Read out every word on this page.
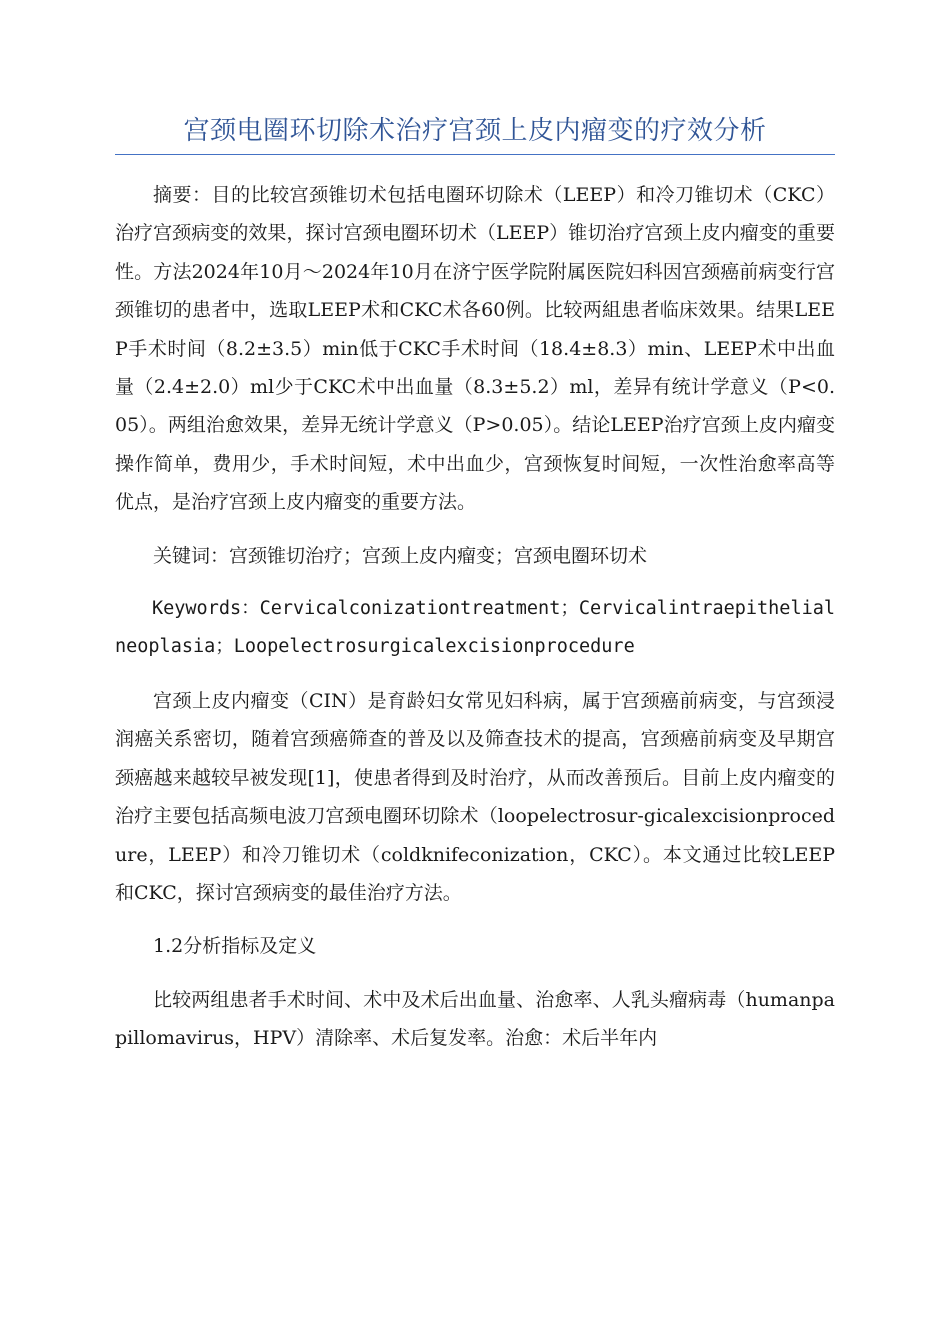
宫颈电圈环切除术治疗宫颈上皮内瘤变的疗效分析

摘要：目的比较宫颈锥切术包括电圈环切除术（LEEP）和冷刀锥切术（CKC）治疗宫颈病变的效果，探讨宫颈电圈环切术（LEEP）锥切治疗宫颈上皮内瘤变的重要性。方法2024年10月～2024年10月在济宁医学院附属医院妇科因宫颈癌前病变行宫颈锥切的患者中，选取LEEP术和CKC术各60例。比较两組患者临床效果。结果LEEP手术时间（8.2±3.5）min低于CKC手术时间（18.4±8.3）min、LEEP术中出血量（2.4±2.0）ml少于CKC术中出血量（8.3±5.2）ml，差异有统计学意义（P<0.05）。两组治愈效果，差异无统计学意义（P>0.05）。结论LEEP治疗宫颈上皮内瘤变操作简单，费用少，手术时间短，术中出血少，宫颈恢复时间短，一次性治愈率高等优点，是治疗宫颈上皮内瘤变的重要方法。

关键词：宫颈锥切治疗；宫颈上皮内瘤变；宫颈电圈环切术

Keywords：Cervicalconizationtreatment；Cervicalintraepithelialneoplasia；Loopelectrosurgicalexcisionprocedure

宫颈上皮内瘤变（CIN）是育龄妇女常见妇科病，属于宫颈癌前病变，与宫颈浸润癌关系密切，随着宫颈癌筛查的普及以及筛查技术的提高，宫颈癌前病变及早期宫颈癌越来越较早被发现[1]，使患者得到及时治疗，从而改善预后。目前上皮内瘤变的治疗主要包括高频电波刀宫颈电圈环切除术（loopelectrosur-gicalexcisionprocedure，LEEP）和冷刀锥切术（coldknifeconization，CKC）。本文通过比较LEEP和CKC，探讨宫颈病变的最佳治疗方法。

1.2分析指标及定义

比较两组患者手术时间、术中及术后出血量、治愈率、人乳头瘤病毒（humanpapillomavirus，HPV）清除率、术后复发率。治愈：术后半年内
